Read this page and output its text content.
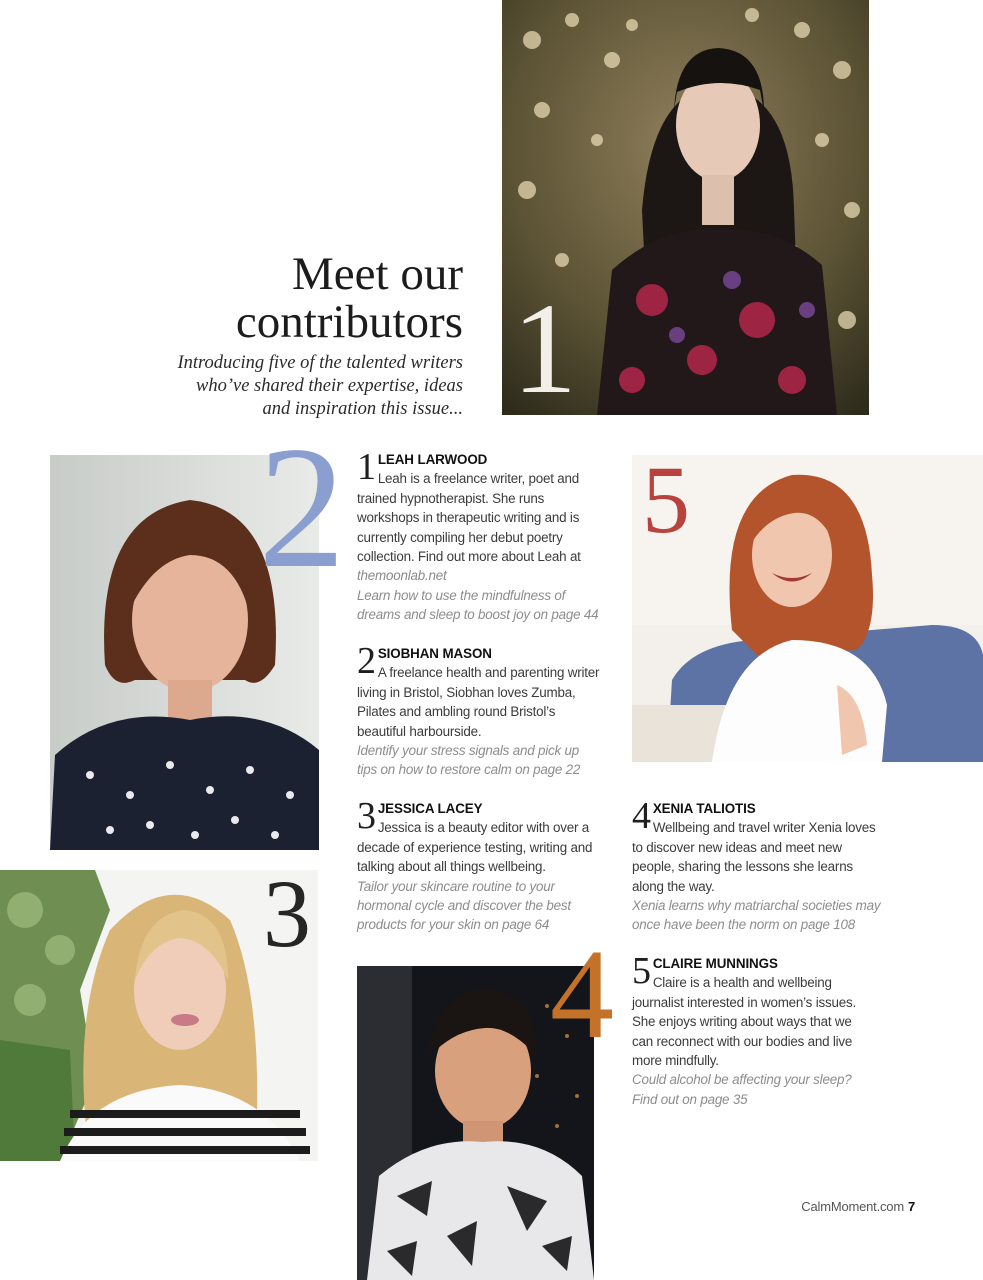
Meet our
contributors

Introducing five of the talented writers
who’ve shared their expertise, ideas
and inspiration this issue... 1
2
3
4
5
1 LEAH LARWOOD
Leah is a freelance writer, poet and trained hypnotherapist. She runs workshops in therapeutic writing and is currently compiling her debut poetry collection. Find out more about Leah at themoonlab.net
Learn how to use the mindfulness of dreams and sleep to boost joy on page 44
2 SIOBHAN MASON
A freelance health and parenting writer living in Bristol, Siobhan loves Zumba, Pilates and ambling round Bristol’s beautiful harbourside.
Identify your stress signals and pick up tips on how to restore calm on page 22
3 JESSICA LACEY
Jessica is a beauty editor with over a decade of experience testing, writing and talking about all things wellbeing.
Tailor your skincare routine to your hormonal cycle and discover the best products for your skin on page 64
4 XENIA TALIOTIS
Wellbeing and travel writer Xenia loves to discover new ideas and meet new people, sharing the lessons she learns along the way.
Xenia learns why matriarchal societies may once have been the norm on page 108
5 CLAIRE MUNNINGS
Claire is a health and wellbeing journalist interested in women’s issues. She enjoys writing about ways that we can reconnect with our bodies and live more mindfully.
Could alcohol be affecting your sleep? Find out on page 35
CalmMoment.com 7
